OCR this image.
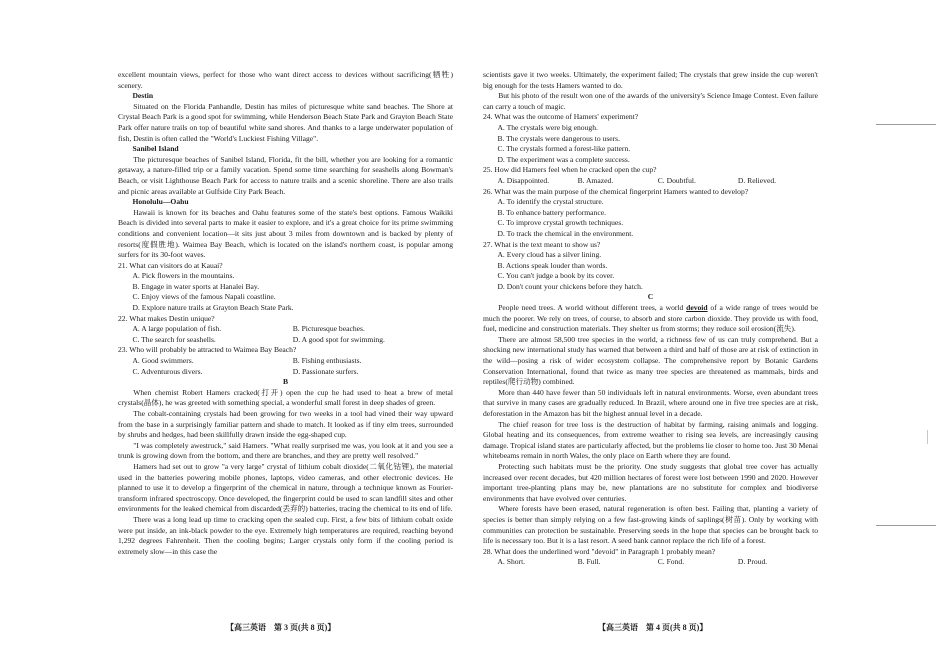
excellent mountain views, perfect for those who want direct access to devices without sacrificing(牺牲) scenery.

Destin

Situated on the Florida Panhandle, Destin has miles of picturesque white sand beaches. The Shore at Crystal Beach Park is a good spot for swimming, while Henderson Beach State Park and Grayton Beach State Park offer nature trails on top of beautiful white sand shores. And thanks to a large underwater population of fish, Destin is often called the "World's Luckiest Fishing Village".

Sanibel Island

The picturesque beaches of Sanibel Island, Florida, fit the bill, whether you are looking for a romantic getaway, a nature-filled trip or a family vacation. Spend some time searching for seashells along Bowman's Beach, or visit Lighthouse Beach Park for access to nature trails and a scenic shoreline. There are also trails and picnic areas available at Gulfside City Park Beach.

Honolulu—Oahu

Hawaii is known for its beaches and Oahu features some of the state's best options. Famous Waikiki Beach is divided into several parts to make it easier to explore, and it's a great choice for its prime swimming conditions and convenient location—it sits just about 3 miles from downtown and is backed by plenty of resorts(度假胜地). Waimea Bay Beach, which is located on the island's northern coast, is popular among surfers for its 30-foot waves.

21. What can visitors do at Kauai?

A. Pick flowers in the mountains.

B. Engage in water sports at Hanalei Bay.

C. Enjoy views of the famous Napali coastline.

D. Explore nature trails at Grayton Beach State Park.

22. What makes Destin unique?

A. A large population of fish.	B. Picturesque beaches.
C. The search for seashells.	D. A good spot for swimming.

23. Who will probably be attracted to Waimea Bay Beach?

A. Good swimmers.	B. Fishing enthusiasts.
C. Adventurous divers.	D. Passionate surfers.

B

When chemist Robert Hamers cracked(打开) open the cup he had used to heat a brew of metal crystals(晶体), he was greeted with something special, a wonderful small forest in deep shades of green.

The cobalt-containing crystals had been growing for two weeks in a tool had vined their way upward from the base in a surprisingly familiar pattern and shade to match. It looked as if tiny elm trees, surrounded by shrubs and hedges, had been skillfully drawn inside the egg-shaped cup.

"I was completely awestruck," said Hamers. "What really surprised me was, you look at it and you see a trunk is growing down from the bottom, and there are branches, and they are pretty well resolved."

Hamers had set out to grow "a very large" crystal of lithium cobalt dioxide(二氧化钴锂), the material used in the batteries powering mobile phones, laptops, video cameras, and other electronic devices. He planned to use it to develop a fingerprint of the chemical in nature, through a technique known as Fourier-transform infrared spectroscopy. Once developed, the fingerprint could be used to scan landfill sites and other environments for the leaked chemical from discarded(丢弃的) batteries, tracing the chemical to its end of life.

There was a long lead up time to cracking open the sealed cup. First, a few bits of lithium cobalt oxide were put inside, an ink-black powder to the eye. Extremely high temperatures are required, reaching beyond 1,292 degrees Fahrenheit. Then the cooling begins; Larger crystals only form if the cooling period is extremely slow—in this case the

scientists gave it two weeks. Ultimately, the experiment failed; The crystals that grew inside the cup weren't big enough for the tests Hamers wanted to do.

But his photo of the result won one of the awards of the university's Science Image Contest. Even failure can carry a touch of magic.

24. What was the outcome of Hamers' experiment?

A. The crystals were big enough.

B. The crystals were dangerous to users.

C. The crystals formed a forest-like pattern.

D. The experiment was a complete success.

25. How did Hamers feel when he cracked open the cup?

A. Disappointed.	B. Amazed.	C. Doubtful.	D. Relieved.

26. What was the main purpose of the chemical fingerprint Hamers wanted to develop?

A. To identify the crystal structure.

B. To enhance battery performance.

C. To improve crystal growth techniques.

D. To track the chemical in the environment.

27. What is the text meant to show us?

A. Every cloud has a silver lining.

B. Actions speak louder than words.

C. You can't judge a book by its cover.

D. Don't count your chickens before they hatch.

C

People need trees. A world without different trees, a world devoid of a wide range of trees would be much the poorer. We rely on trees, of course, to absorb and store carbon dioxide. They provide us with food, fuel, medicine and construction materials. They shelter us from storms; they reduce soil erosion(流失).

There are almost 58,500 tree species in the world, a richness few of us can truly comprehend. But a shocking new international study has warned that between a third and half of those are at risk of extinction in the wild—posing a risk of wider ecosystem collapse. The comprehensive report by Botanic Gardens Conservation International, found that twice as many tree species are threatened as mammals, birds and reptiles(爬行动物) combined.

More than 440 have fewer than 50 individuals left in natural environments. Worse, even abundant trees that survive in many cases are gradually reduced. In Brazil, where around one in five tree species are at risk, deforestation in the Amazon has bit the highest annual level in a decade.

The chief reason for tree loss is the destruction of habitat by farming, raising animals and logging. Global heating and its consequences, from extreme weather to rising sea levels, are increasingly causing damage. Tropical island states are particularly affected, but the problems lie closer to home too. Just 30 Menai whitebeams remain in north Wales, the only place on Earth where they are found.

Protecting such habitats must be the priority. One study suggests that global tree cover has actually increased over recent decades, but 420 million hectares of forest were lost between 1990 and 2020. However important tree-planting plans may be, new plantations are no substitute for complex and biodiverse environments that have evolved over centuries.

Where forests have been erased, natural regeneration is often best. Failing that, planting a variety of species is better than simply relying on a few fast-growing kinds of saplings(树苗). Only by working with communities can protection be sustainable. Preserving seeds in the hope that species can be brought back to life is necessary too. But it is a last resort. A seed bank cannot replace the rich life of a forest.

28. What does the underlined word "devoid" in Paragraph 1 probably mean?

A. Short.	B. Full.	C. Fond.	D. Proud.
【高三英语　第 3 页(共 8 页)】	【高三英语　第 4 页(共 8 页)】
